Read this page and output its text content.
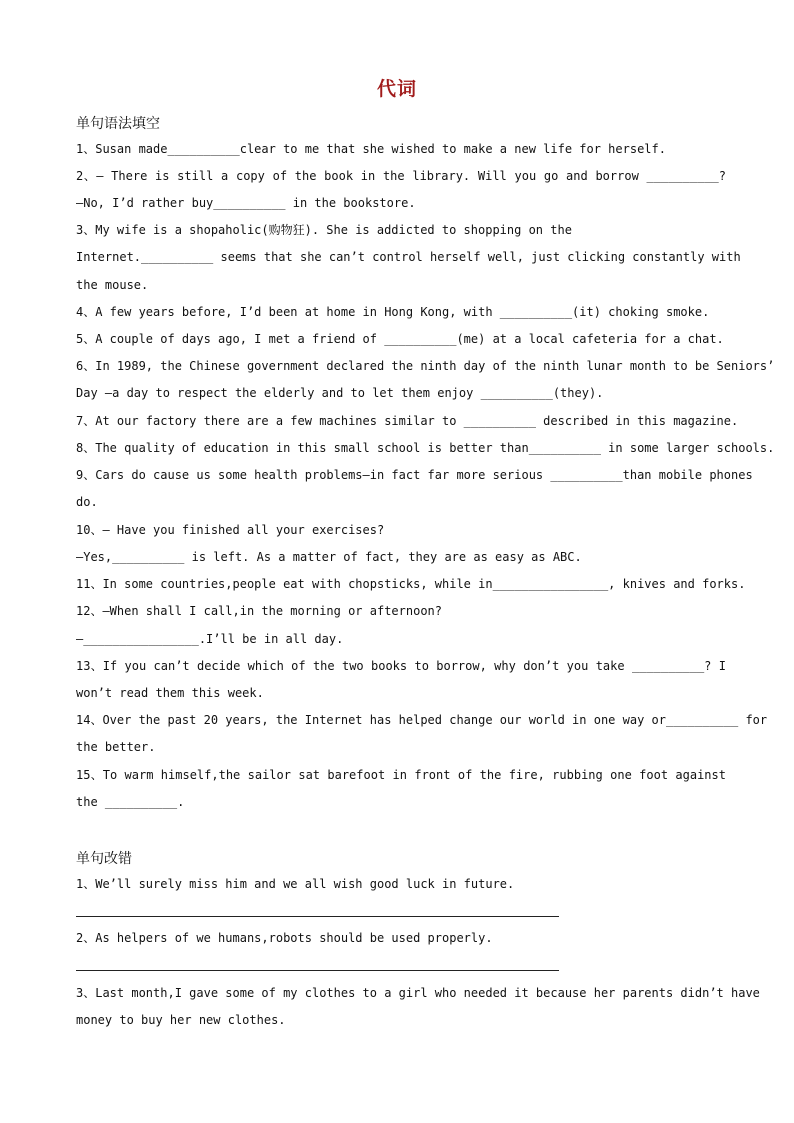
代词
单句语法填空
1、Susan made__________clear to me that she wished to make a new life for herself.
2、— There is still a copy of the book in the library. Will you go and borrow __________?
—No, I’d rather buy__________ in the bookstore.
3、My wife is a shopaholic(购物狂). She is addicted to shopping on the
Internet.__________ seems that she can’t control herself well, just clicking constantly with
the mouse.
4、A few years before, I’d been at home in Hong Kong, with __________(it) choking smoke.
5、A couple of days ago, I met a friend of __________(me) at a local cafeteria for a chat.
6、In 1989, the Chinese government declared the ninth day of the ninth lunar month to be Seniors’
Day —a day to respect the elderly and to let them enjoy __________(they).
7、At our factory there are a few machines similar to __________ described in this magazine.
8、The quality of education in this small school is better than__________ in some larger schools.
9、Cars do cause us some health problems—in fact far more serious __________than mobile phones
do.
10、— Have you finished all your exercises?
—Yes,__________ is left. As a matter of fact, they are as easy as ABC.
11、In some countries,people eat with chopsticks, while in________________, knives and forks.
12、—When shall I call,in the morning or afternoon?
—________________.I’ll be in all day.
13、If you can’t decide which of the two books to borrow, why don’t you take __________? I
won’t read them this week.
14、Over the past 20 years, the Internet has helped change our world in one way or__________ for
the better.
15、To warm himself,the sailor sat barefoot in front of the fire, rubbing one foot against
the __________.
单句改错
1、We’ll surely miss him and we all wish good luck in future.
2、As helpers of we humans,robots should be used properly.
3、Last month,I gave some of my clothes to a girl who needed it because her parents didn’t have
money to buy her new clothes.
